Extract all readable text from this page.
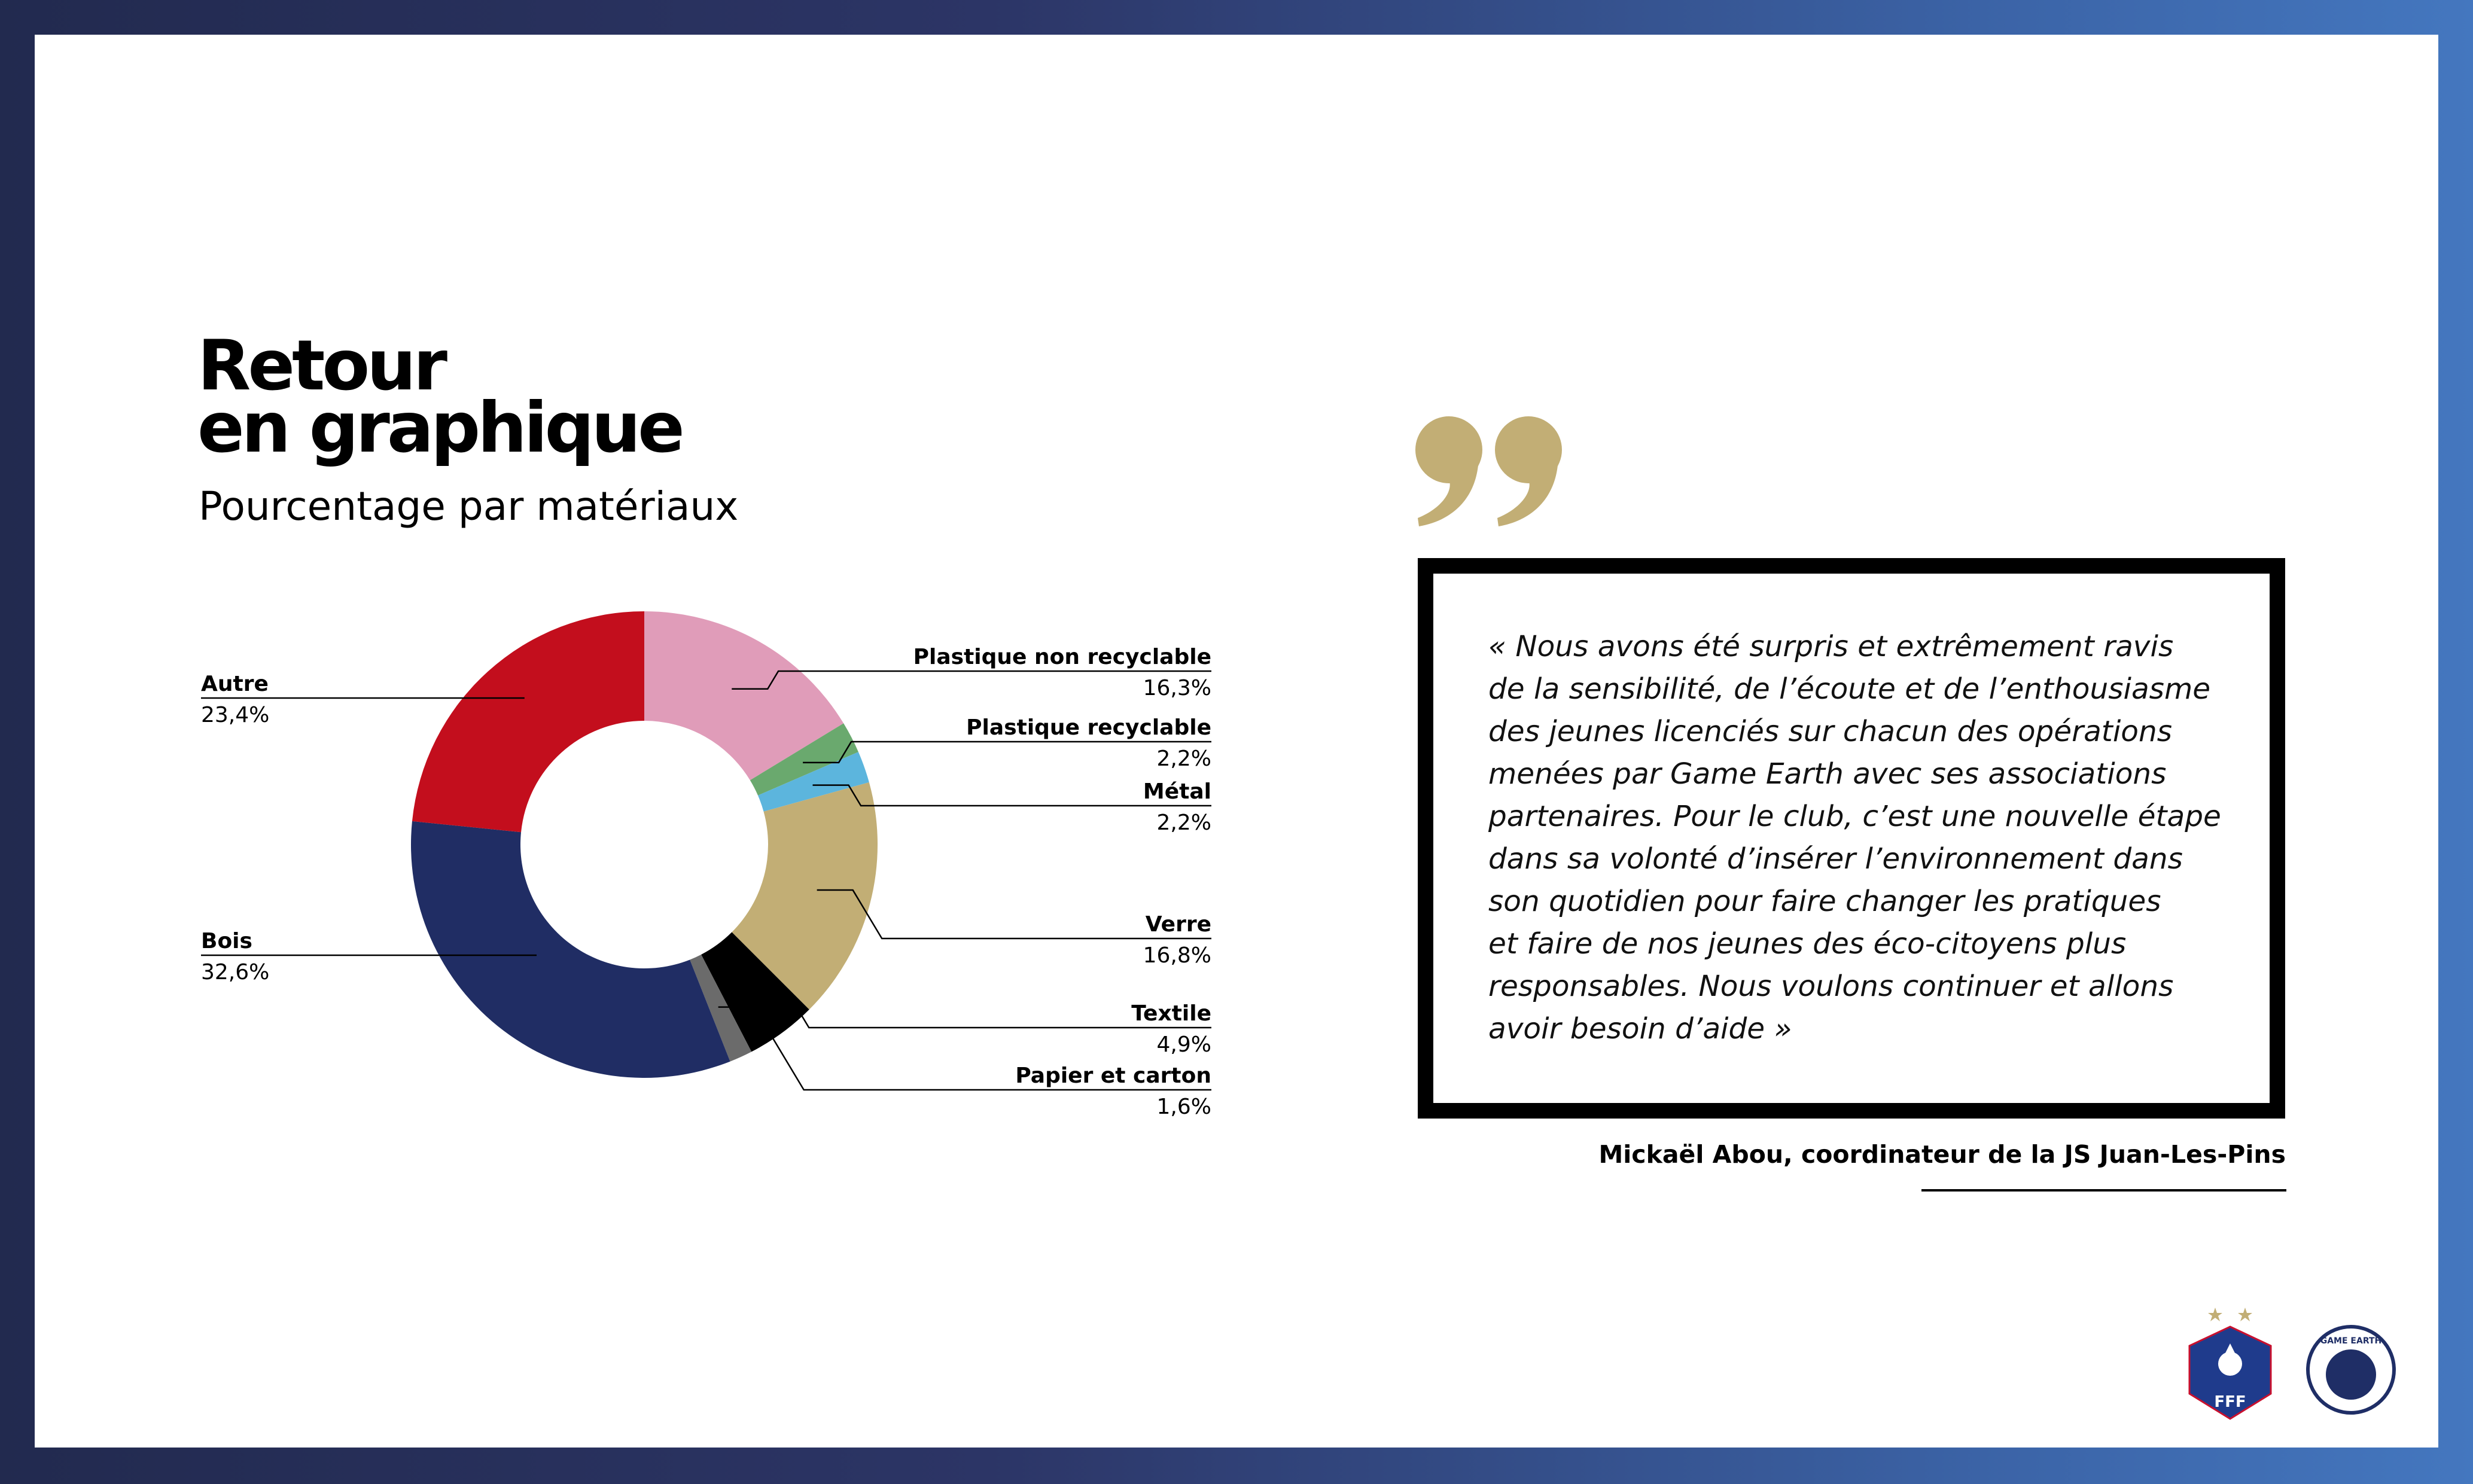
Retour
en graphique
Pourcentage par matériaux
Plastique non recyclable
16,3%
Plastique recyclable
2,2%
Métal
2,2%
Verre
16,8%
Textile
4,9%
Papier et carton
1,6%
Bois
32,6%
Autre
23,4%

« Nous avons été surpris et extrêmement ravis
de la sensibilité, de l’écoute et de l’enthousiasme
des jeunes licenciés sur chacun des opérations
menées par Game Earth avec ses associations
partenaires. Pour le club, c’est une nouvelle étape
dans sa volonté d’insérer l’environnement dans
son quotidien pour faire changer les pratiques
et faire de nos jeunes des éco-citoyens plus
responsables. Nous voulons continuer et allons
avoir besoin d’aide »

Mickaël Abou, coordinateur de la JS Juan-Les-Pins
FFF
GAME EARTH
